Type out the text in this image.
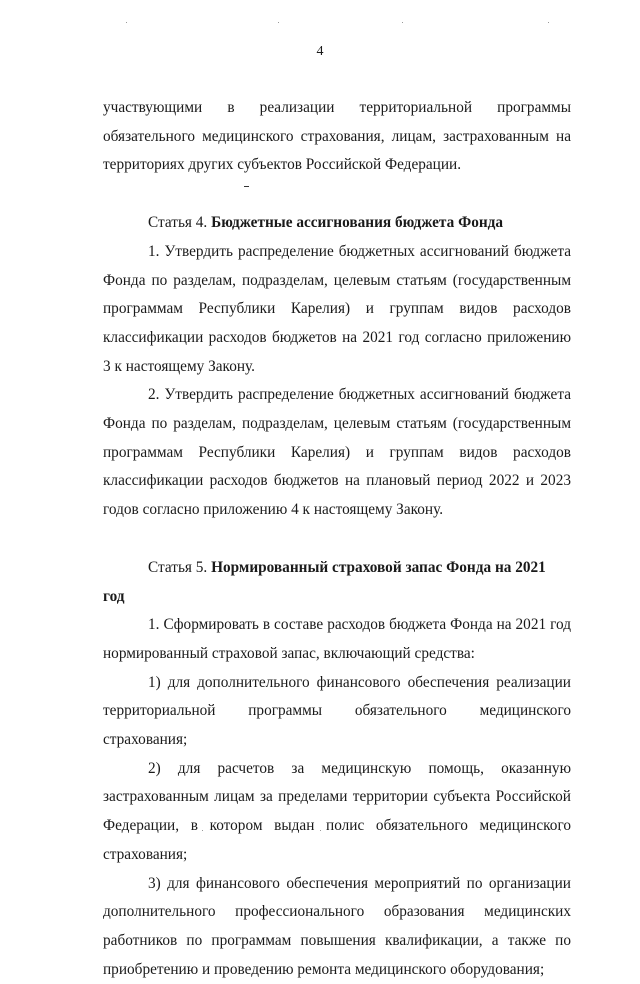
4

участвующими в реализации территориальной программы обязательного медицинского страхования, лицам, застрахованным на территориях других субъектов Российской Федерации.

Статья 4. Бюджетные ассигнования бюджета Фонда

1. Утвердить распределение бюджетных ассигнований бюджета Фонда по разделам, подразделам, целевым статьям (государственным программам Республики Карелия) и группам видов расходов классификации расходов бюджетов на 2021 год согласно приложению 3 к настоящему Закону.

2. Утвердить распределение бюджетных ассигнований бюджета Фонда по разделам, подразделам, целевым статьям (государственным программам Республики Карелия) и группам видов расходов классификации расходов бюджетов на плановый период 2022 и 2023 годов согласно приложению 4 к настоящему Закону.

Статья 5. Нормированный страховой запас Фонда на 2021 год

1. Сформировать в составе расходов бюджета Фонда на 2021 год нормированный страховой запас, включающий средства:

1) для дополнительного финансового обеспечения реализации территориальной программы обязательного медицинского страхования;

2) для расчетов за медицинскую помощь, оказанную застрахованным лицам за пределами территории субъекта Российской Федерации, в котором выдан полис обязательного медицинского страхования;

3) для финансового обеспечения мероприятий по организации дополнительного профессионального образования медицинских работников по программам повышения квалификации, а также по приобретению и проведению ремонта медицинского оборудования;
